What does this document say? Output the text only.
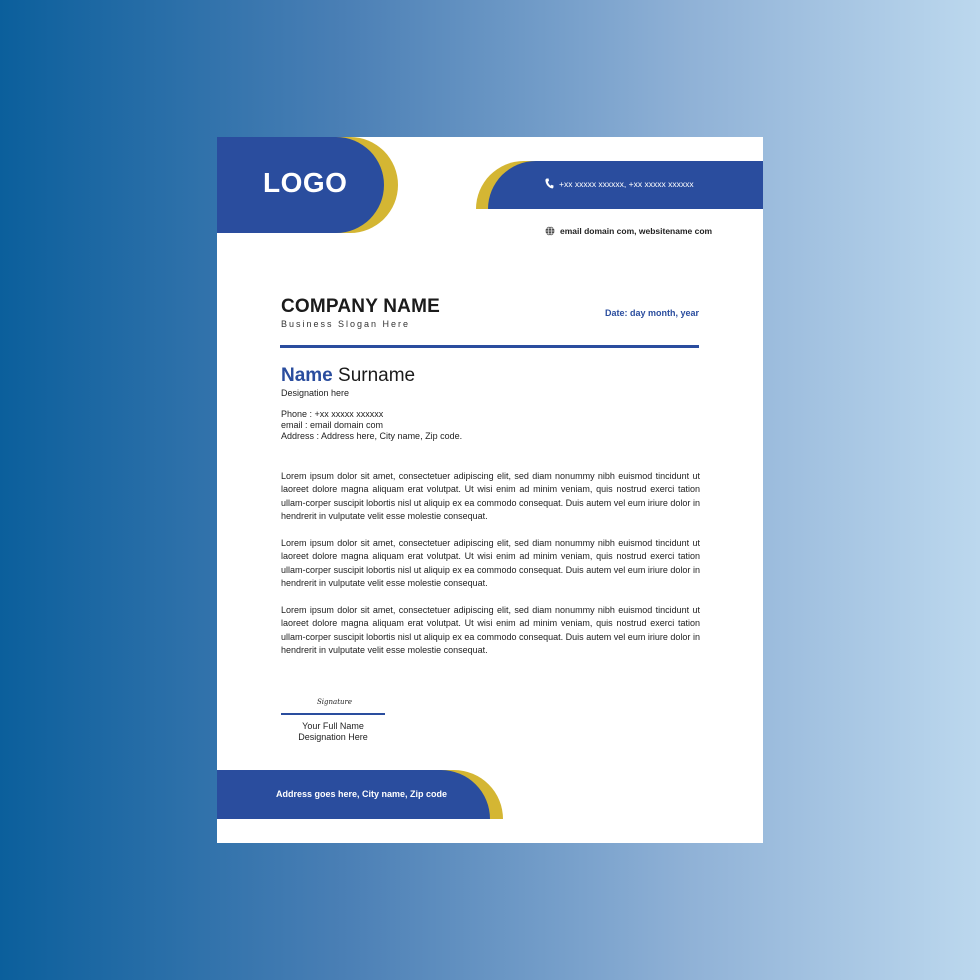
LOGO	+xx xxxxx xxxxxx, +xx xxxxx xxxxxx
email domain com, websitename com
COMPANY NAME
Business Slogan Here
Date: day month, year
Name Surname
Designation here
Phone : +xx xxxxx xxxxxx
email : email domain com
Address : Address here, City name, Zip code.
Lorem ipsum dolor sit amet, consectetuer adipiscing elit, sed diam nonummy nibh euismod tincidunt ut laoreet dolore magna aliquam erat volutpat. Ut wisi enim ad minim veniam, quis nostrud exerci tation ullam-corper suscipit lobortis nisl ut aliquip ex ea commodo consequat. Duis autem vel eum iriure dolor in hendrerit in vulputate velit esse molestie consequat.
Lorem ipsum dolor sit amet, consectetuer adipiscing elit, sed diam nonummy nibh euismod tincidunt ut laoreet dolore magna aliquam erat volutpat. Ut wisi enim ad minim veniam, quis nostrud exerci tation ullam-corper suscipit lobortis nisl ut aliquip ex ea commodo consequat. Duis autem vel eum iriure dolor in hendrerit in vulputate velit esse molestie consequat.
Lorem ipsum dolor sit amet, consectetuer adipiscing elit, sed diam nonummy nibh euismod tincidunt ut laoreet dolore magna aliquam erat volutpat. Ut wisi enim ad minim veniam, quis nostrud exerci tation ullam-corper suscipit lobortis nisl ut aliquip ex ea commodo consequat. Duis autem vel eum iriure dolor in hendrerit in vulputate velit esse molestie consequat.
Signature
Your Full Name
Designation Here
Address goes here, City name, Zip code
